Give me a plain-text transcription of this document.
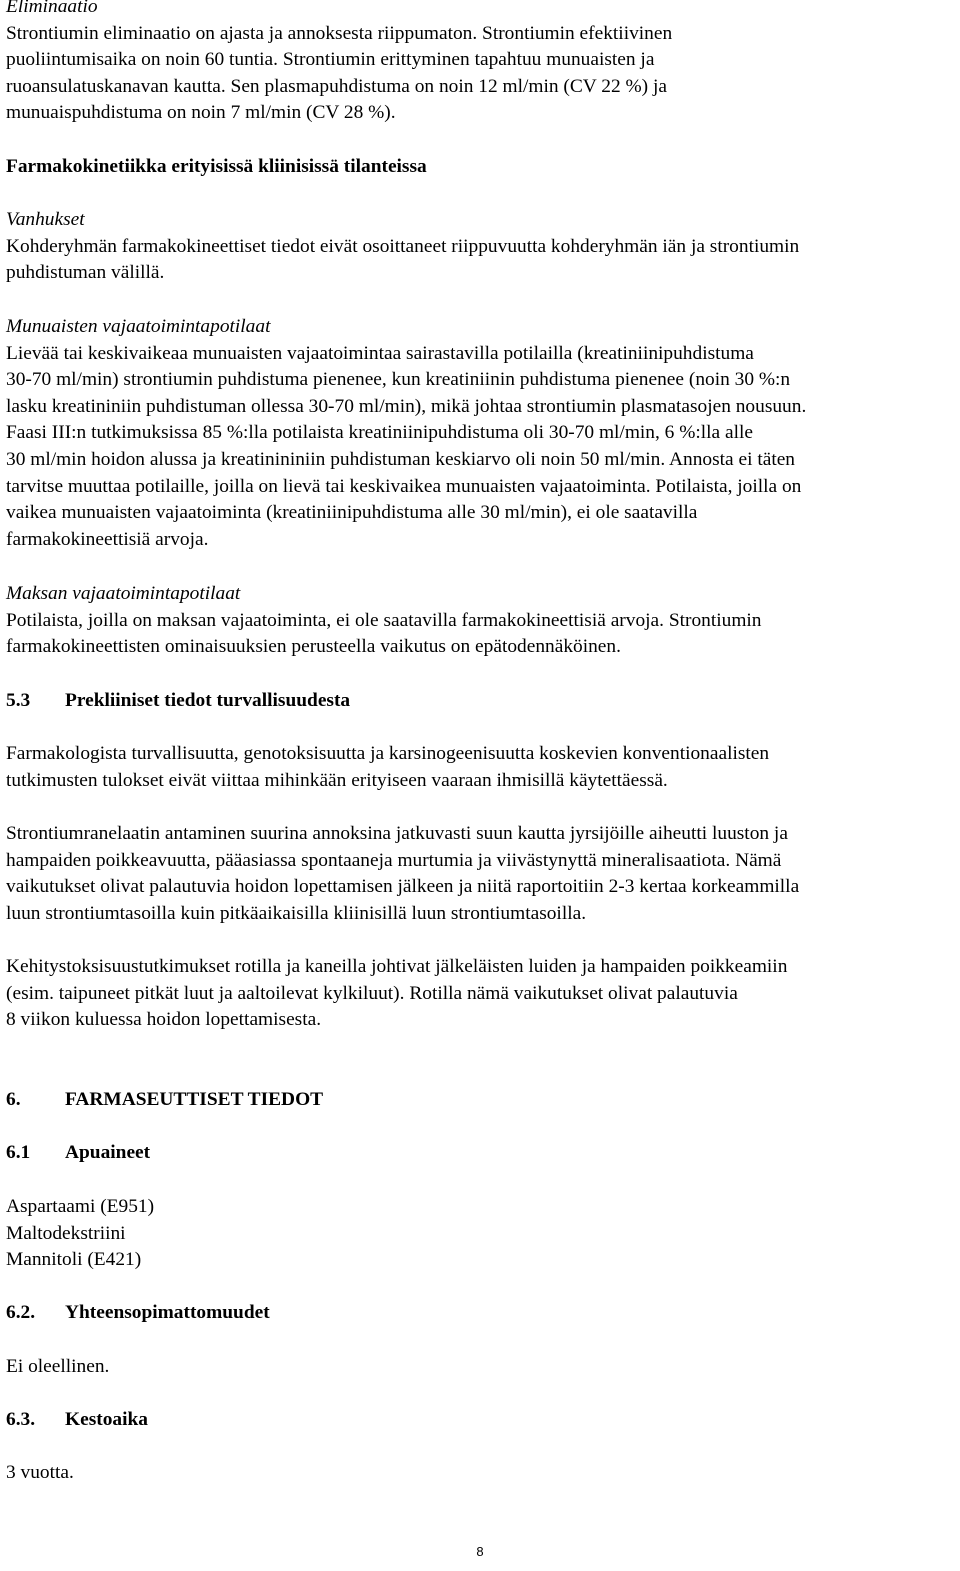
Eliminaatio

Strontiumin eliminaatio on ajasta ja annoksesta riippumaton. Strontiumin efektiivinen

puoliintumisaika on noin 60 tuntia. Strontiumin erittyminen tapahtuu munuaisten ja

ruoansulatuskanavan kautta. Sen plasmapuhdistuma on noin 12 ml/min (CV 22 %) ja

munuaispuhdistuma on noin 7 ml/min (CV 28 %).

Farmakokinetiikka erityisissä kliinisissä tilanteissa

Vanhukset

Kohderyhmän farmakokineettiset tiedot eivät osoittaneet riippuvuutta kohderyhmän iän ja strontiumin

puhdistuman välillä.

Munuaisten vajaatoimintapotilaat

Lievää tai keskivaikeaa munuaisten vajaatoimintaa sairastavilla potilailla (kreatiniinipuhdistuma

30-70 ml/min) strontiumin puhdistuma pienenee, kun kreatiniinin puhdistuma pienenee (noin 30 %:n

lasku kreatininiin puhdistuman ollessa 30-70 ml/min), mikä johtaa strontiumin plasmatasojen nousuun.

Faasi III:n tutkimuksissa 85 %:lla potilaista kreatiniinipuhdistuma oli 30-70 ml/min, 6 %:lla alle

30 ml/min hoidon alussa ja kreatinininiin puhdistuman keskiarvo oli noin 50 ml/min. Annosta ei täten

tarvitse muuttaa potilaille, joilla on lievä tai keskivaikea munuaisten vajaatoiminta. Potilaista, joilla on

vaikea munuaisten vajaatoiminta (kreatiniinipuhdistuma alle 30 ml/min), ei ole saatavilla

farmakokineettisiä arvoja.

Maksan vajaatoimintapotilaat

Potilaista, joilla on maksan vajaatoiminta, ei ole saatavilla farmakokineettisiä arvoja. Strontiumin

farmakokineettisten ominaisuuksien perusteella vaikutus on epätodennäköinen.

5.3 Prekliiniset tiedot turvallisuudesta

Farmakologista turvallisuutta, genotoksisuutta ja karsinogeenisuutta koskevien konventionaalisten

tutkimusten tulokset eivät viittaa mihinkään erityiseen vaaraan ihmisillä käytettäessä.

Strontiumranelaatin antaminen suurina annoksina jatkuvasti suun kautta jyrsijöille aiheutti luuston ja

hampaiden poikkeavuutta, pääasiassa spontaaneja murtumia ja viivästynyttä mineralisaatiota. Nämä

vaikutukset olivat palautuvia hoidon lopettamisen jälkeen ja niitä raportoitiin 2-3 kertaa korkeammilla

luun strontiumtasoilla kuin pitkäaikaisilla kliinisillä luun strontiumtasoilla.

Kehitystoksisuustutkimukset rotilla ja kaneilla johtivat jälkeläisten luiden ja hampaiden poikkeamiin

(esim. taipuneet pitkät luut ja aaltoilevat kylkiluut). Rotilla nämä vaikutukset olivat palautuvia

8 viikon kuluessa hoidon lopettamisesta.

6. FARMASEUTTISET TIEDOT

6.1 Apuaineet

Aspartaami (E951)

Maltodekstriini

Mannitoli (E421)

6.2. Yhteensopimattomuudet

Ei oleellinen.

6.3. Kestoaika

3 vuotta.

8
